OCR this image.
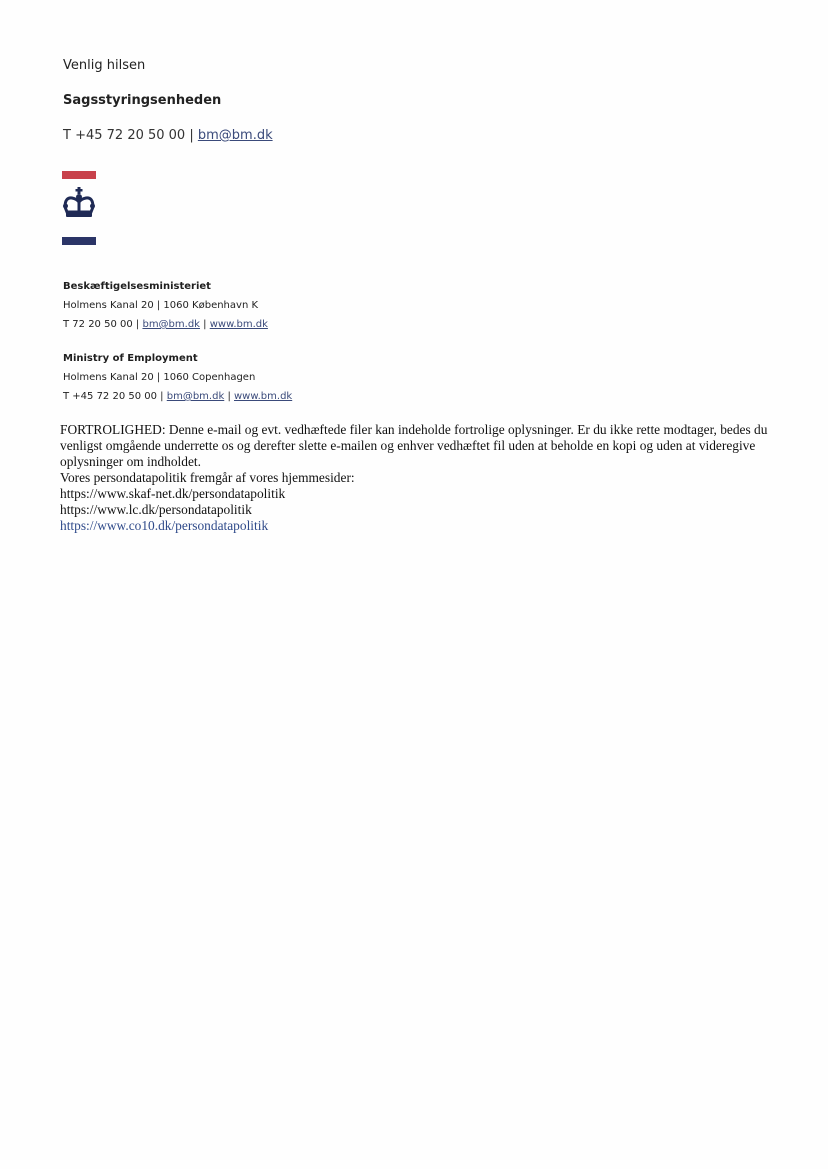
Venlig hilsen
Sagsstyringsenheden
T +45 72 20 50 00 | bm@bm.dk
Beskæftigelsesministeriet
Holmens Kanal 20 | 1060 København K
T 72 20 50 00 | bm@bm.dk | www.bm.dk
Ministry of Employment
Holmens Kanal 20 | 1060 Copenhagen
T +45 72 20 50 00 | bm@bm.dk | www.bm.dk

FORTROLIGHED: Denne e-mail og evt. vedhæftede filer kan indeholde fortrolige oplysninger. Er du ikke rette modtager, bedes du venligst omgående underrette os og derefter slette e-mailen og enhver vedhæftet fil uden at beholde en kopi og uden at videregive oplysninger om indholdet.

Vores persondatapolitik fremgår af vores hjemmesider:

https://www.skaf-net.dk/persondatapolitik
https://www.lc.dk/persondatapolitik
https://www.co10.dk/persondatapolitik
